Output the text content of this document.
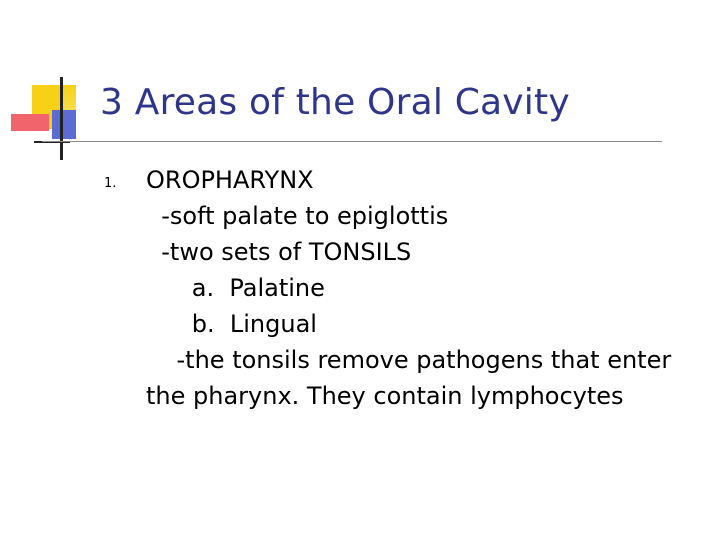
3 Areas of the Oral Cavity
1. OROPHARYNX
-soft palate to epiglottis
-two sets of TONSILS
a.  Palatine
b.  Lingual
-the tonsils remove pathogens that enter the pharynx. They contain lymphocytes
